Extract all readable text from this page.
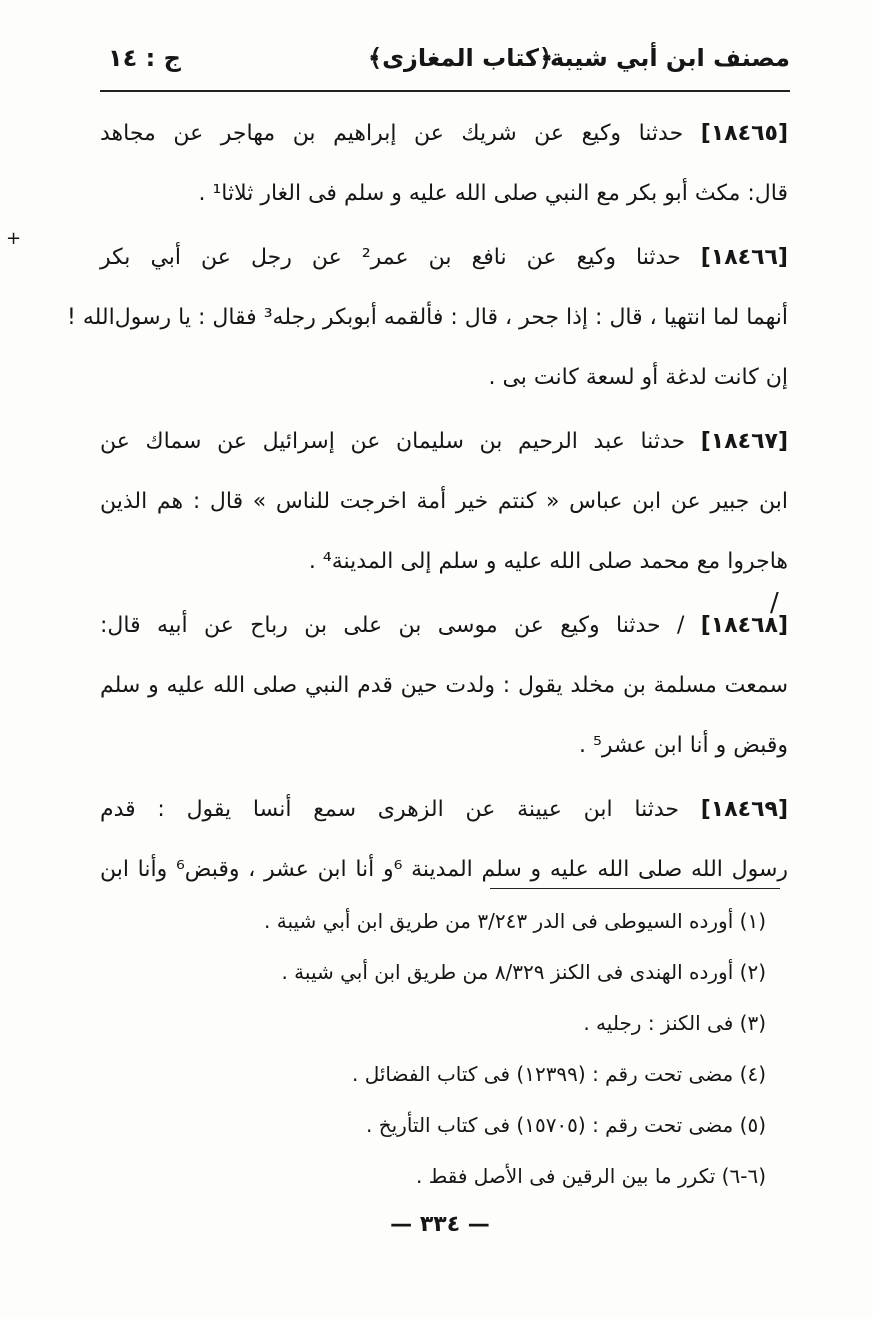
مصنف ابن أبي شيبة
﴿كتاب المغازى﴾
ج : ١٤
+
[١٨٤٦٥] حدثنا وكيع عن شريك عن إبراهيم بن مهاجر عن مجاهد
قال: مكث أبو بكر مع النبي صلى الله عليه و سلم فى الغار ثلاثا¹ .
[١٨٤٦٦] حدثنا وكيع عن نافع بن عمر² عن رجل عن أبي بكر
أنهما لما انتهيا ، قال : إذا جحر ، قال : فألقمه أبوبكر رجله³ فقال : يا رسول‌الله !
إن كانت لدغة أو لسعة كانت بى .
[١٨٤٦٧] حدثنا عبد الرحيم بن سليمان عن إسرائيل عن سماك عن
ابن جبير عن ابن عباس « كنتم خير أمة اخرجت للناس » قال : هم الذين
هاجروا مع محمد صلى الله عليه و سلم إلى المدينة⁴ .
[١٨٤٦٨] / حدثنا وكيع عن موسى بن على بن رباح عن أبيه قال:
سمعت مسلمة بن مخلد يقول : ولدت حين قدم النبي صلى الله عليه و سلم
وقبض و أنا ابن عشر⁵ .
[١٨٤٦٩] حدثنا ابن عيينة عن الزهرى سمع أنسا يقول : قدم
رسول الله صلى الله عليه و سلم المدينة ⁶و أنا ابن عشر ، وقبض⁶ وأنا ابن
/
(١) أورده السيوطى فى الدر ٣/٢٤٣ من طريق ابن أبي شيبة .
(٢) أورده الهندى فى الكنز ٨/٣٢٩ من طريق ابن أبي شيبة .
(٣) فى الكنز : رجليه .
(٤) مضى تحت رقم : (١٢٣٩٩) فى كتاب الفضائل .
(٥) مضى تحت رقم : (١٥٧٠٥) فى كتاب التأريخ .
(٦-٦) تكرر ما بين الرقين فى الأصل فقط .
— ٣٣٤ —
